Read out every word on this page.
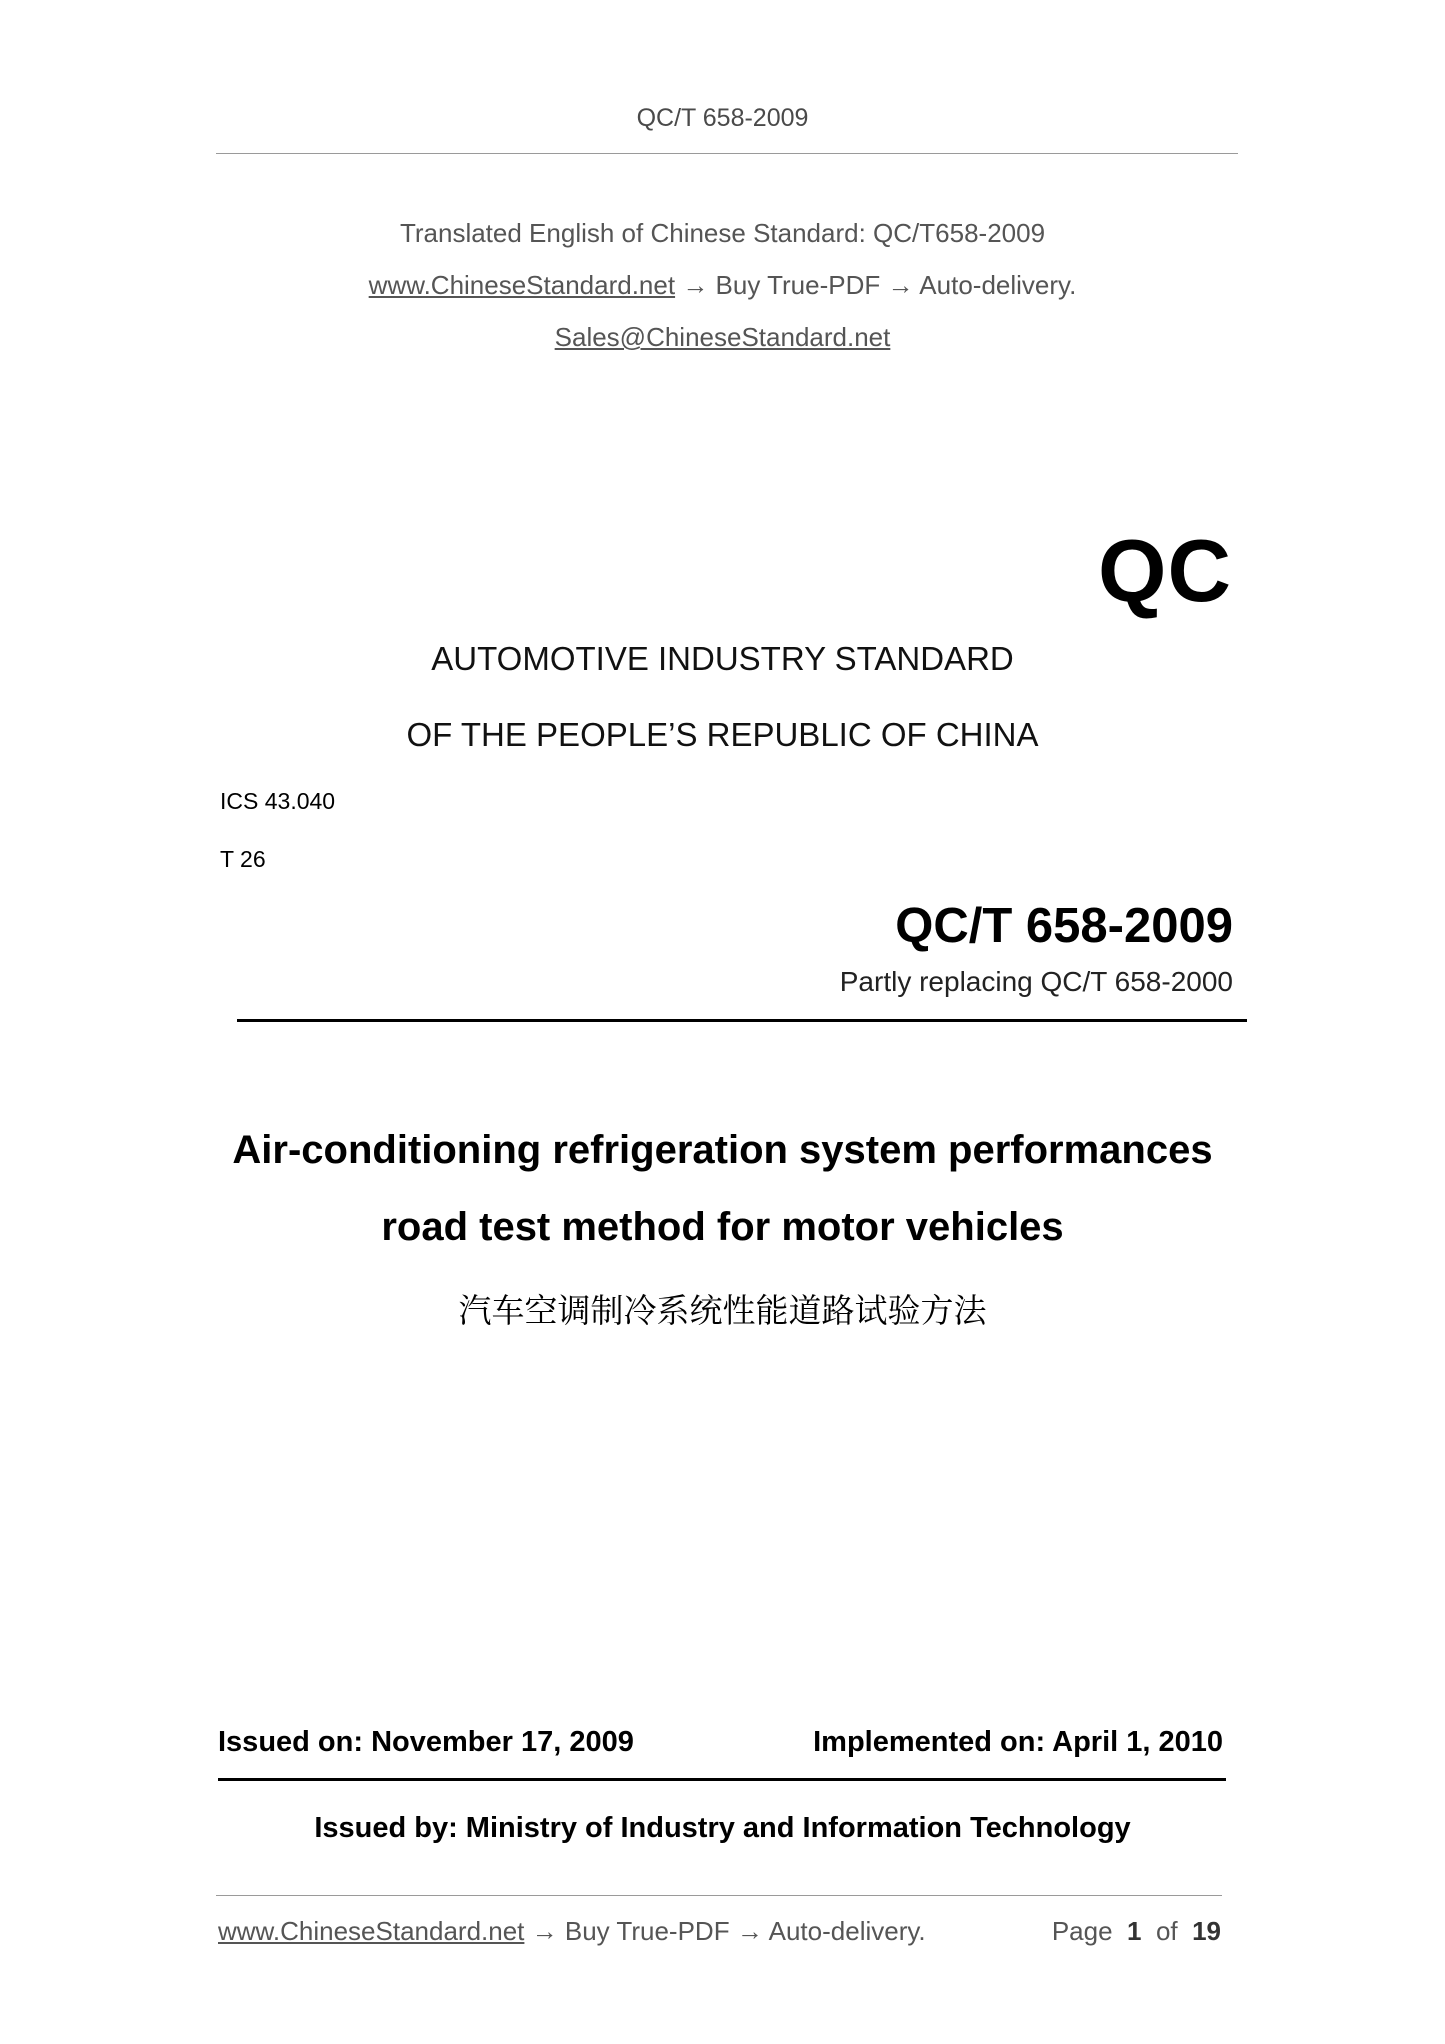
QC/T 658-2009
Translated English of Chinese Standard: QC/T658-2009
www.ChineseStandard.net → Buy True-PDF → Auto-delivery.
Sales@ChineseStandard.net
QC
AUTOMOTIVE INDUSTRY STANDARD
OF THE PEOPLE’S REPUBLIC OF CHINA
ICS 43.040
T 26
QC/T 658-2009
Partly replacing QC/T 658-2000
Air-conditioning refrigeration system performances
road test method for motor vehicles
汽车空调制冷系统性能道路试验方法
Issued on: November 17, 2009	Implemented on: April 1, 2010
Issued by: Ministry of Industry and Information Technology
www.ChineseStandard.net → Buy True-PDF → Auto-delivery.	Page 1 of 19
